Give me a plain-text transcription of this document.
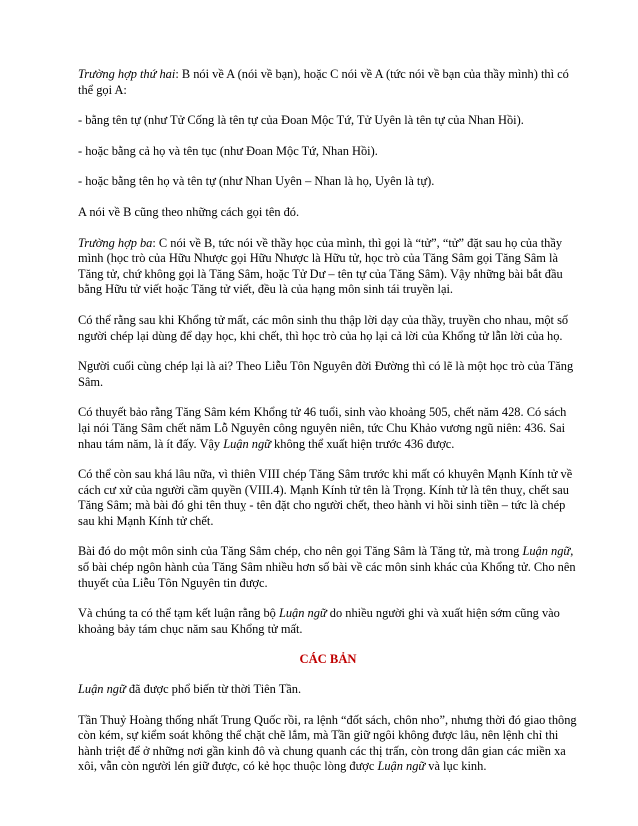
Trường hợp thứ hai: B nói về A (nói về bạn), hoặc C nói về A (tức nói về bạn của thầy mình) thì có thể gọi A:

- bằng tên tự (như Tử Cống là tên tự của Đoan Mộc Tứ, Tử Uyên là tên tự của Nhan Hồi).

- hoặc bằng cả họ và tên tục (như Đoan Mộc Tứ, Nhan Hồi).

- hoặc bằng tên họ và tên tự (như Nhan Uyên – Nhan là họ, Uyên là tự).

A nói về B cũng theo những cách gọi tên đó.

Trường hợp ba: C nói về B, tức nói về thầy học của mình, thì gọi là “tử”, “tử” đặt sau họ của thầy mình (học trò của Hữu Nhược gọi Hữu Nhược là Hữu tử, học trò của Tăng Sâm gọi Tăng Sâm là Tăng tử, chứ không gọi là Tăng Sâm, hoặc Tử Dư – tên tự của Tăng Sâm). Vậy những bài bắt đầu bằng Hữu tử viết hoặc Tăng tử viết, đều là của hạng môn sinh tái truyền lại.

Có thể rằng sau khi Khổng tử mất, các môn sinh thu thập lời dạy của thầy, truyền cho nhau, một số người chép lại dùng để dạy học, khi chết, thì học trò của họ lại cả lời của Khổng tử lẫn lời của họ.

Người cuối cùng chép lại là ai? Theo Liễu Tôn Nguyên đời Đường thì có lẽ là một học trò của Tăng Sâm.

Có thuyết bảo rằng Tăng Sâm kém Khổng tử 46 tuổi, sinh vào khoảng 505, chết năm 428. Có sách lại nói Tăng Sâm chết năm Lỗ Nguyên công nguyên niên, tức Chu Khảo vương ngũ niên: 436. Sai nhau tám năm, là ít đấy. Vậy Luận ngữ không thể xuất hiện trước 436 được.

Có thể còn sau khá lâu nữa, vì thiên VIII chép Tăng Sâm trước khi mất có khuyên Mạnh Kính tử về cách cư xử của người cầm quyền (VIII.4). Mạnh Kính tử tên là Trọng. Kính tử là tên thuỵ, chết sau Tăng Sâm; mà bài đó ghi tên thuỵ - tên đặt cho người chết, theo hành vi hồi sinh tiền – tức là chép sau khi Mạnh Kính tử chết.

Bài đó do một môn sinh của Tăng Sâm chép, cho nên gọi Tăng Sâm là Tăng tử, mà trong Luận ngữ, số bài chép ngôn hành của Tăng Sâm nhiều hơn số bài về các môn sinh khác của Khổng tử. Cho nên thuyết của Liễu Tôn Nguyên tin được.

Và chúng ta có thể tạm kết luận rằng bộ Luận ngữ do nhiều người ghi và xuất hiện sớm cũng vào khoảng bảy tám chục năm sau Khổng tử mất.

CÁC BẢN

Luận ngữ đã được phổ biến từ thời Tiên Tần.

Tần Thuỷ Hoàng thống nhất Trung Quốc rồi, ra lệnh “đốt sách, chôn nho”, nhưng thời đó giao thông còn kém, sự kiểm soát không thể chặt chẽ lắm, mà Tần giữ ngôi không được lâu, nên lệnh chỉ thi hành triệt để ở những nơi gần kinh đô và chung quanh các thị trấn, còn trong dân gian các miền xa xôi, vẫn còn người lén giữ được, có kẻ học thuộc lòng được Luận ngữ và lục kinh.
